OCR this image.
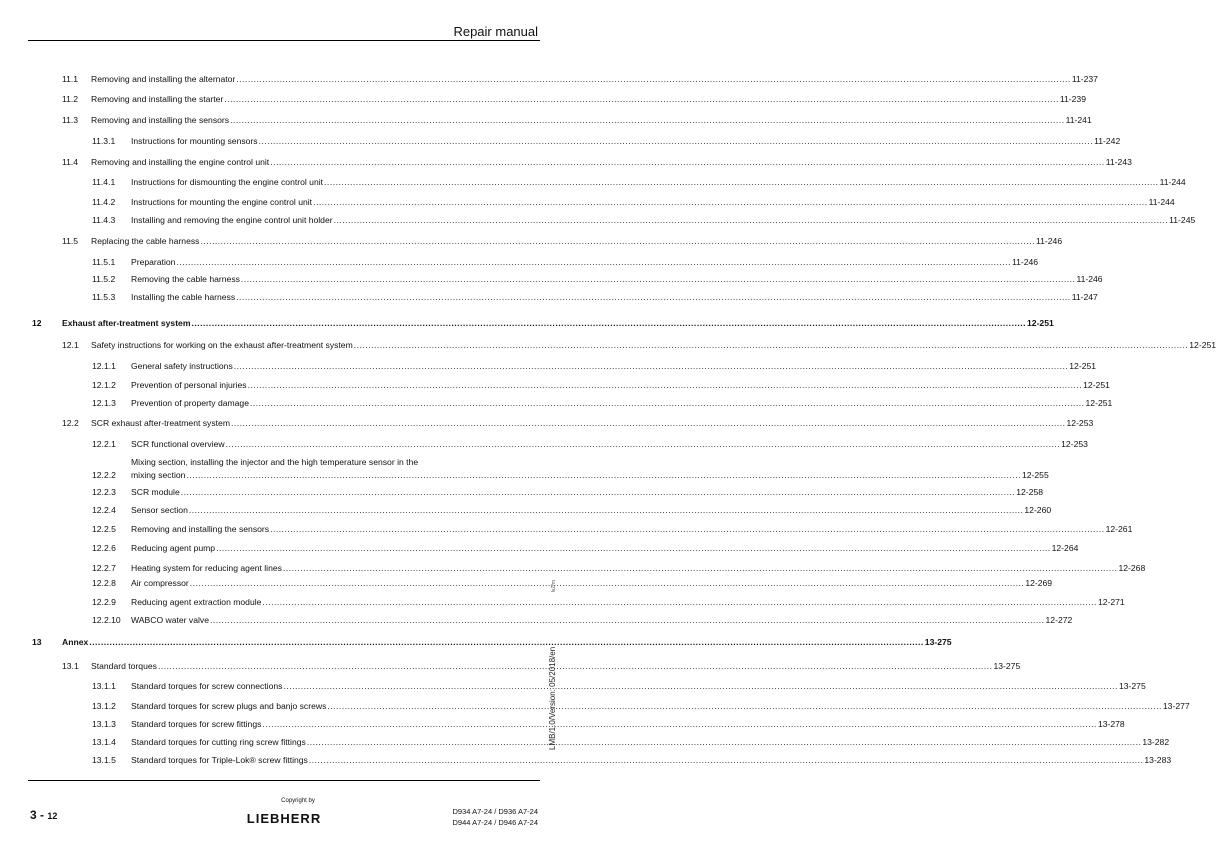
Repair manual
11.1	Removing and installing the alternator .....	11-237
11.2	Removing and installing the starter .....	11-239
11.3	Removing and installing the sensors .....	11-241
11.3.1	Instructions for mounting sensors .....	11-242
11.4	Removing and installing the engine control unit .....	11-243
11.4.1	Instructions for dismounting the engine control unit .....	11-244
11.4.2	Instructions for mounting the engine control unit .....	11-244
11.4.3	Installing and removing the engine control unit holder .....	11-245
11.5	Replacing the cable harness .....	11-246
11.5.1	Preparation .....	11-246
11.5.2	Removing the cable harness .....	11-246
11.5.3	Installing the cable harness .....	11-247
12	Exhaust after-treatment system .....	12-251
12.1	Safety instructions for working on the exhaust after-treatment system .....	12-251
12.1.1	General safety instructions .....	12-251
12.1.2	Prevention of personal injuries .....	12-251
12.1.3	Prevention of property damage .....	12-251
12.2	SCR exhaust after-treatment system .....	12-253
12.2.1	SCR functional overview .....	12-253
12.2.2
Mixing section, installing the injector and the high temperature sensor in the
mixing section .....	12-255
12.2.3	SCR module .....	12-258
12.2.4	Sensor section .....	12-260
12.2.5	Removing and installing the sensors .....	12-261
12.2.6	Reducing agent pump .....	12-264
12.2.7	Heating system for reducing agent lines .....	12-268
12.2.8	Air compressor .....	12-269
12.2.9	Reducing agent extraction module .....	12-271
12.2.10	WABCO water valve .....	12-272
13	Annex .....	13-275
13.1	Standard torques .....	13-275
13.1.1	Standard torques for screw connections .....	13-275
13.1.2	Standard torques for screw plugs and banjo screws .....	13-277
13.1.3	Standard torques for screw fittings .....	13-278
13.1.4	Standard torques for cutting ring screw fittings .....	13-282
13.1.5	Standard torques for Triple-Lok® screw fittings .....	13-283
lvZ/m
LMB/1.0/Version: 05/2018/en
3 - 12
Copyright by
LIEBHERR	D934 A7-24 / D936 A7-24
D944 A7-24 / D946 A7-24
